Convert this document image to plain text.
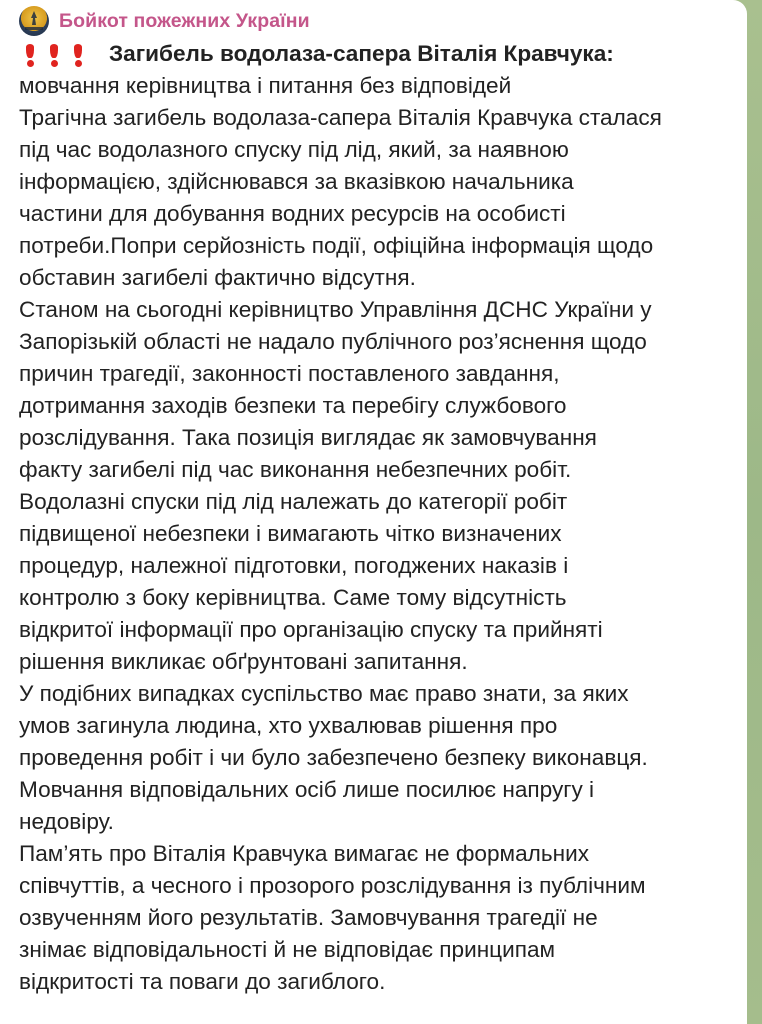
Бойкот пожежних України
Загибель водолаза-сапера Віталія Кравчука:
мовчання керівництва і питання без відповідей
Трагічна загибель водолаза-сапера Віталія Кравчука сталася
під час водолазного спуску під лід, який, за наявною
інформацією, здійснювався за вказівкою начальника
частини для добування водних ресурсів на особисті
потреби.Попри серйозність події, офіційна інформація щодо
обставин загибелі фактично відсутня.
Станом на сьогодні керівництво Управління ДСНС України у
Запорізькій області не надало публічного роз’яснення щодо
причин трагедії, законності поставленого завдання,
дотримання заходів безпеки та перебігу службового
розслідування. Така позиція виглядає як замовчування
факту загибелі під час виконання небезпечних робіт.
Водолазні спуски під лід належать до категорії робіт
підвищеної небезпеки і вимагають чітко визначених
процедур, належної підготовки, погоджених наказів і
контролю з боку керівництва. Саме тому відсутність
відкритої інформації про організацію спуску та прийняті
рішення викликає обґрунтовані запитання.
У подібних випадках суспільство має право знати, за яких
умов загинула людина, хто ухвалював рішення про
проведення робіт і чи було забезпечено безпеку виконавця.
Мовчання відповідальних осіб лише посилює напругу і
недовіру.
Пам’ять про Віталія Кравчука вимагає не формальних
співчуттів, а чесного і прозорого розслідування із публічним
озвученням його результатів. Замовчування трагедії не
знімає відповідальності й не відповідає принципам
відкритості та поваги до загиблого.
